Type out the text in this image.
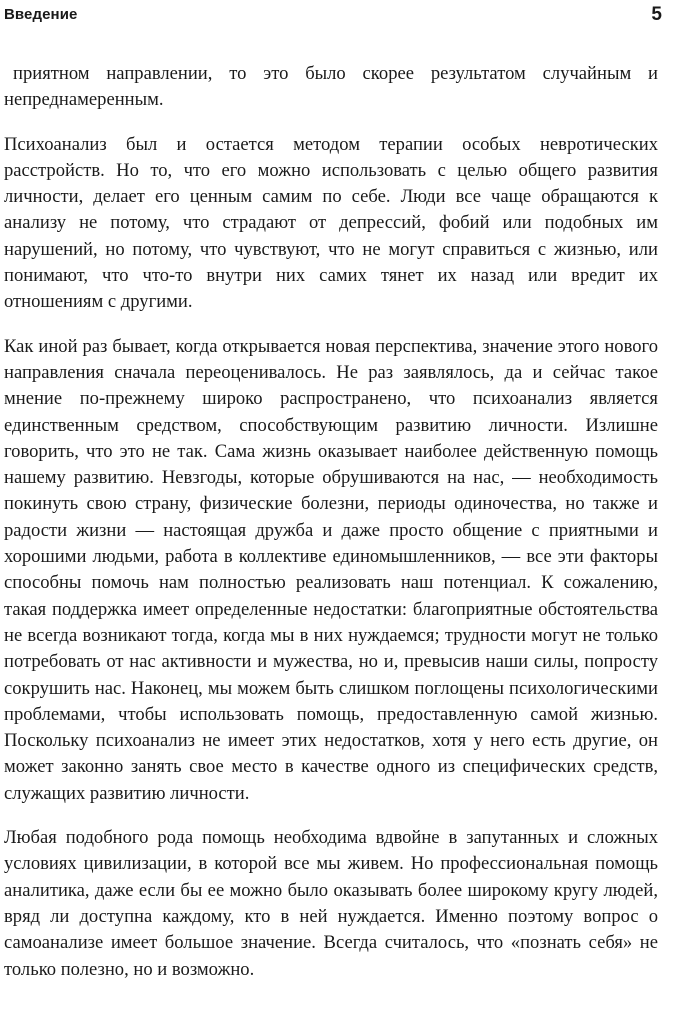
Введение	5

приятном направлении, то это было скорее результатом случайным и непреднамеренным.

Психоанализ был и остается методом терапии особых невротических расстройств. Но то, что его можно использовать с целью общего развития личности, делает его ценным самим по себе. Люди все чаще обращаются к анализу не потому, что страдают от депрессий, фобий или подобных им нарушений, но потому, что чувствуют, что не могут справиться с жизнью, или понимают, что что-то внутри них самих тянет их назад или вредит их отношениям с другими.

Как иной раз бывает, когда открывается новая перспектива, значение этого нового направления сначала переоценивалось. Не раз заявлялось, да и сейчас такое мнение по-прежнему широко распространено, что психоанализ является единственным средством, способствующим развитию личности. Излишне говорить, что это не так. Сама жизнь оказывает наиболее действенную помощь нашему развитию. Невзгоды, которые обрушиваются на нас, — необходимость покинуть свою страну, физические болезни, периоды одиночества, но также и радости жизни — настоящая дружба и даже просто общение с приятными и хорошими людьми, работа в коллективе единомышленников, — все эти факторы способны помочь нам полностью реализовать наш потенциал. К сожалению, такая поддержка имеет определенные недостатки: благоприятные обстоятельства не всегда возникают тогда, когда мы в них нуждаемся; трудности могут не только потребовать от нас активности и мужества, но и, превысив наши силы, попросту сокрушить нас. Наконец, мы можем быть слишком поглощены психологическими проблемами, чтобы использовать помощь, предоставленную самой жизнью. Поскольку психоанализ не имеет этих недостатков, хотя у него есть другие, он может законно занять свое место в качестве одного из специфических средств, служащих развитию личности.

Любая подобного рода помощь необходима вдвойне в запутанных и сложных условиях цивилизации, в которой все мы живем. Но профессиональная помощь аналитика, даже если бы ее можно было оказывать более широкому кругу людей, вряд ли доступна каждому, кто в ней нуждается. Именно поэтому вопрос о самоанализе имеет большое значение. Всегда считалось, что «познать себя» не только полезно, но и возможно.
